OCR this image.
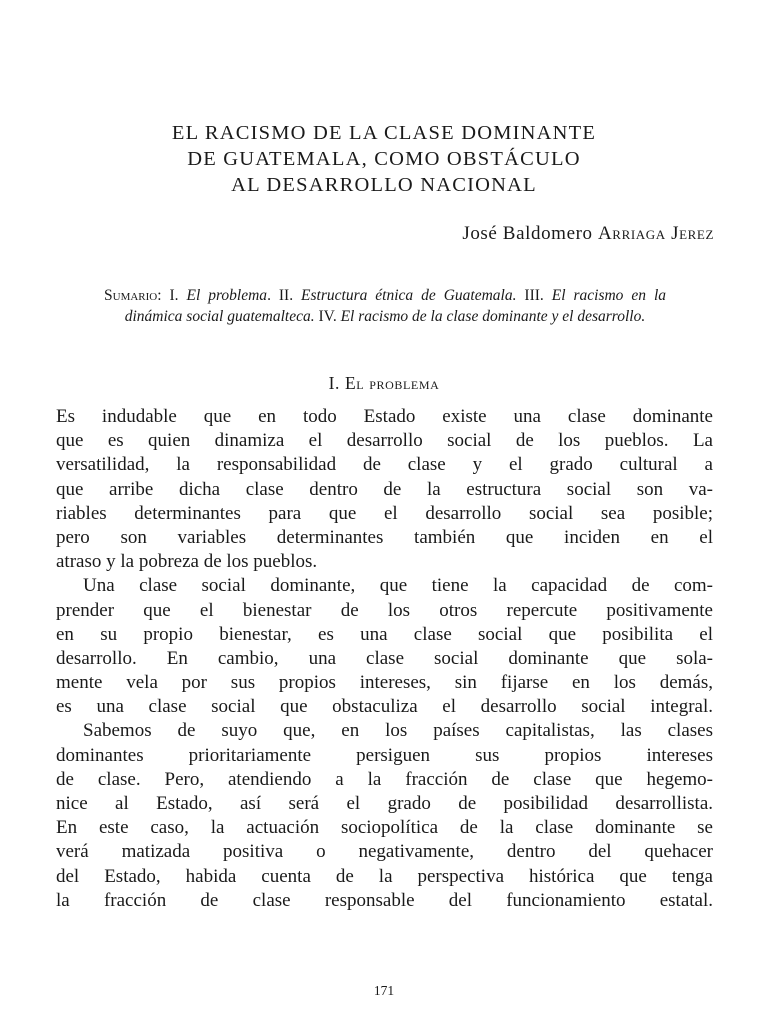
EL RACISMO DE LA CLASE DOMINANTE
DE GUATEMALA, COMO OBSTÁCULO
AL DESARROLLO NACIONAL
José Baldomero Arriaga Jerez
Sumario: I. El problema. II. Estructura étnica de Guatemala. III. El racismo en la dinámica social guatemalteca. IV. El racismo de la clase dominante y el desarrollo.
I. El problema
Es indudable que en todo Estado existe una clase dominante
que es quien dinamiza el desarrollo social de los pueblos. La
versatilidad, la responsabilidad de clase y el grado cultural a
que arribe dicha clase dentro de la estructura social son va-
riables determinantes para que el desarrollo social sea posible;
pero son variables determinantes también que inciden en el
atraso y la pobreza de los pueblos.
Una clase social dominante, que tiene la capacidad de com-
prender que el bienestar de los otros repercute positivamente
en su propio bienestar, es una clase social que posibilita el
desarrollo. En cambio, una clase social dominante que sola-
mente vela por sus propios intereses, sin fijarse en los demás,
es una clase social que obstaculiza el desarrollo social integral.
Sabemos de suyo que, en los países capitalistas, las clases
dominantes prioritariamente persiguen sus propios intereses
de clase. Pero, atendiendo a la fracción de clase que hegemo-
nice al Estado, así será el grado de posibilidad desarrollista.
En este caso, la actuación sociopolítica de la clase dominante se
verá matizada positiva o negativamente, dentro del quehacer
del Estado, habida cuenta de la perspectiva histórica que tenga
la fracción de clase responsable del funcionamiento estatal.
171
